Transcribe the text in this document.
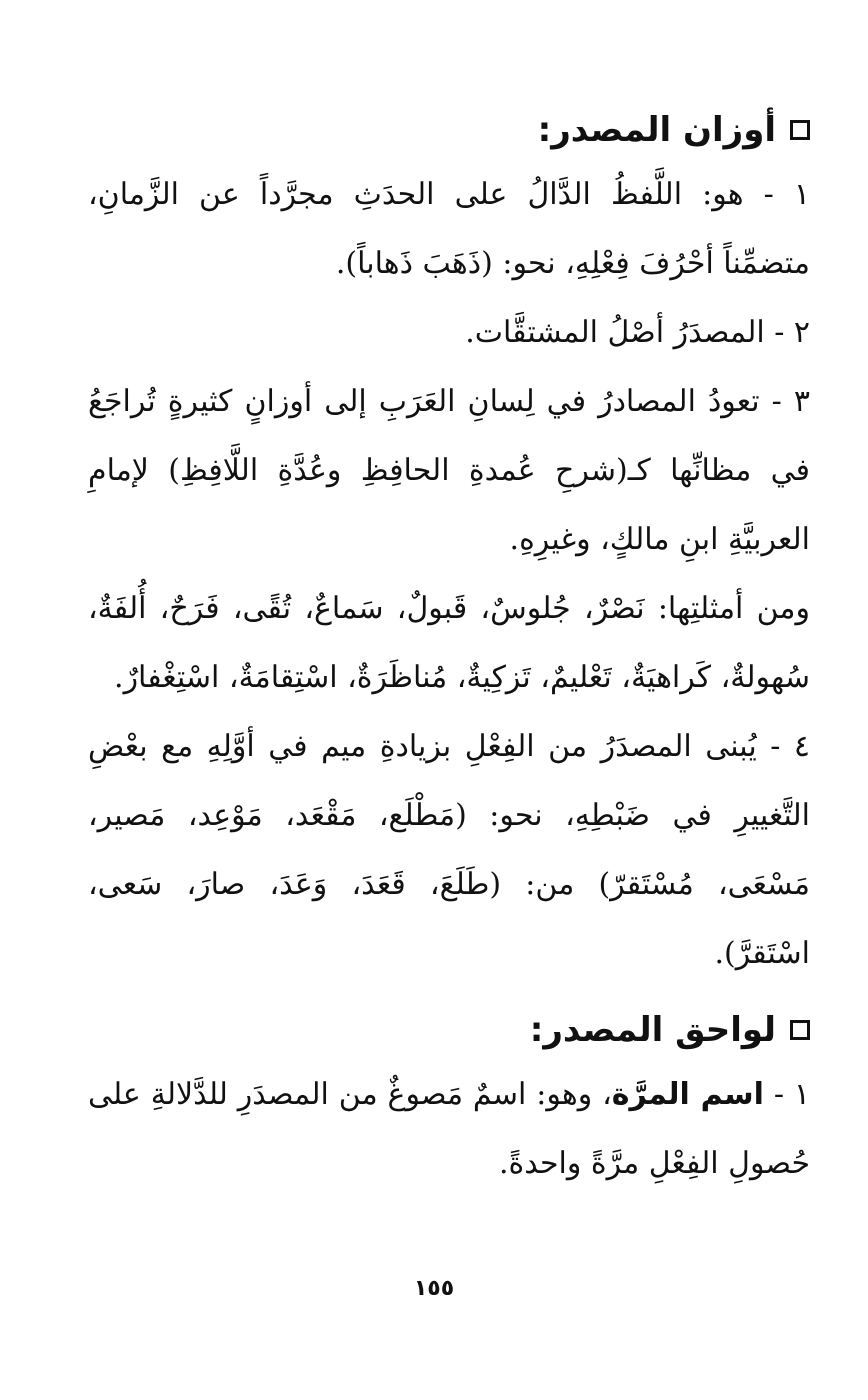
أوزان المصدر:

١ - هو: اللَّفظُ الدَّالُ على الحدَثِ مجرَّداً عن الزَّمانِ، متضمِّناً أحْرُفَ فِعْلِهِ، نحو: (ذَهَبَ ذَهاباً).

٢ - المصدَرُ أصْلُ المشتقَّات.

٣ - تعودُ المصادرُ في لِسانِ العَرَبِ إلى أوزانٍ كثيرةٍ تُراجَعُ في مظانِّها كـ(شرحِ عُمدةِ الحافِظِ وعُدَّةِ اللَّافِظِ) لإمامِ العربيَّةِ ابنِ مالكٍ، وغيرِهِ.

ومن أمثلتِها: نَصْرٌ، جُلوسٌ، قَبولٌ، سَماعٌ، تُقًى، فَرَحٌ، أُلفَةٌ، سُهولةٌ، كَراهيَةٌ، تَعْليمٌ، تَزكِيةٌ، مُناظَرَةٌ، اسْتِقامَةٌ، اسْتِغْفارٌ.

٤ - يُبنى المصدَرُ من الفِعْلِ بزيادةِ ميم في أوَّلِهِ مع بعْضِ التَّغييرِ في ضَبْطِهِ، نحو: (مَطْلَع، مَقْعَد، مَوْعِد، مَصير، مَسْعَى، مُسْتَقرّ) من: (طَلَعَ، قَعَدَ، وَعَدَ، صارَ، سَعى، اسْتَقرَّ).

لواحق المصدر:

١ - اسم المرَّة، وهو: اسمٌ مَصوغٌ من المصدَرِ للدَّلالةِ على حُصولِ الفِعْلِ مرَّةً واحدةً.

١٥٥
